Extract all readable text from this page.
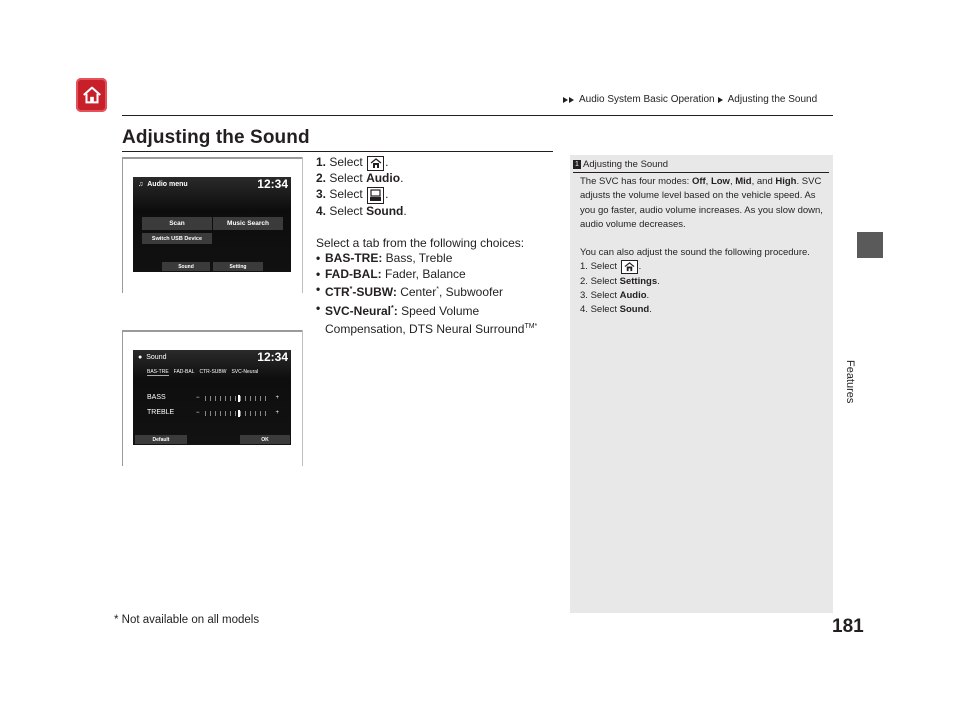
Audio System Basic Operation Adjusting the Sound
Adjusting the Sound
Features
♫ Audio menu	12:34
Scan	Music Search
Switch USB Device
Sound	Setting
● Sound	12:34
BAS-TRE FAD-BAL CTR-SUBW SVC-Neural
BASS	−	+
TREBLE	−	+
Default	OK
1. Select .
2. Select Audio.
3. Select .
4. Select Sound.
Select a tab from the following choices:
• BAS-TRE: Bass, Treble
• FAD-BAL: Fader, Balance
• CTR*-SUBW: Center*, Subwoofer
• SVC-Neural*: Speed Volume Compensation, DTS Neural Surround$^{TM*}$
1 Adjusting the Sound

The SVC has four modes: Off, Low, Mid, and High. SVC adjusts the volume level based on the vehicle speed. As you go faster, audio volume increases. As you slow down, audio volume decreases.

You can also adjust the sound the following procedure.

1. Select .

2. Select Settings.

3. Select Audio.

4. Select Sound.

* Not available on all models	181
